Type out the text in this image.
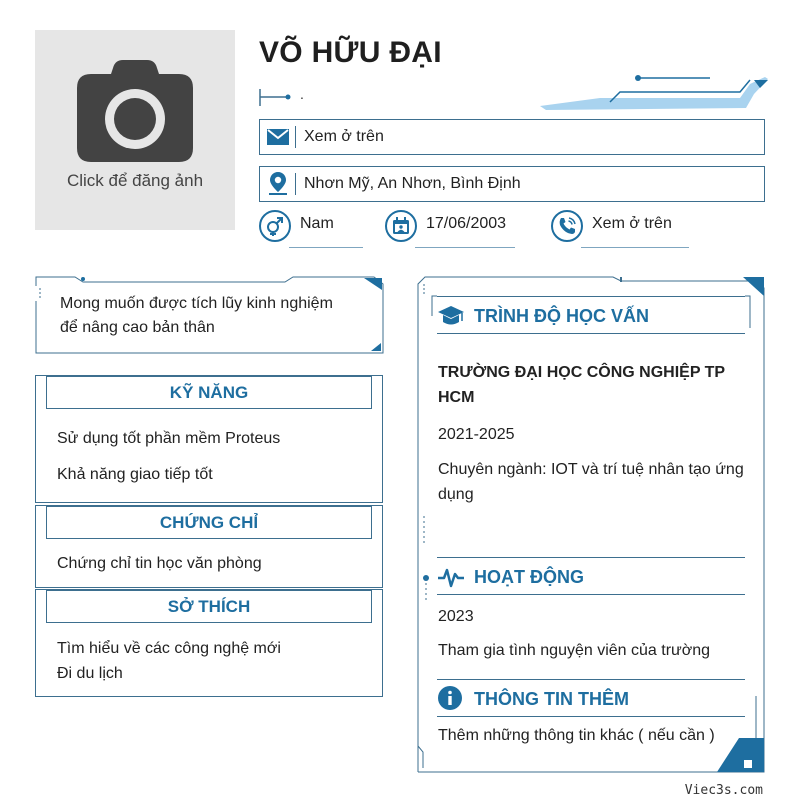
Click để đăng ảnh
VÕ HỮU ĐẠI
.
Xem ở trên
Nhơn Mỹ, An Nhơn, Bình Định
Nam	17/06/2003	Xem ở trên
Mong muốn được tích lũy kinh nghiệm
để nâng cao bản thân
KỸ NĂNG
Sử dụng tốt phần mềm Proteus
Khả năng giao tiếp tốt
CHỨNG CHỈ
Chứng chỉ tin học văn phòng
SỞ THÍCH
Tìm hiểu về các công nghệ mới
Đi du lịch
TRÌNH ĐỘ HỌC VẤN
TRƯỜNG ĐẠI HỌC CÔNG NGHIỆP TP HCM
2021-2025
Chuyên ngành: IOT và trí tuệ nhân tạo ứng dụng
HOẠT ĐỘNG
2023
Tham gia tình nguyện viên của trường
THÔNG TIN THÊM
Thêm những thông tin khác ( nếu cần )
Viec3s.com
